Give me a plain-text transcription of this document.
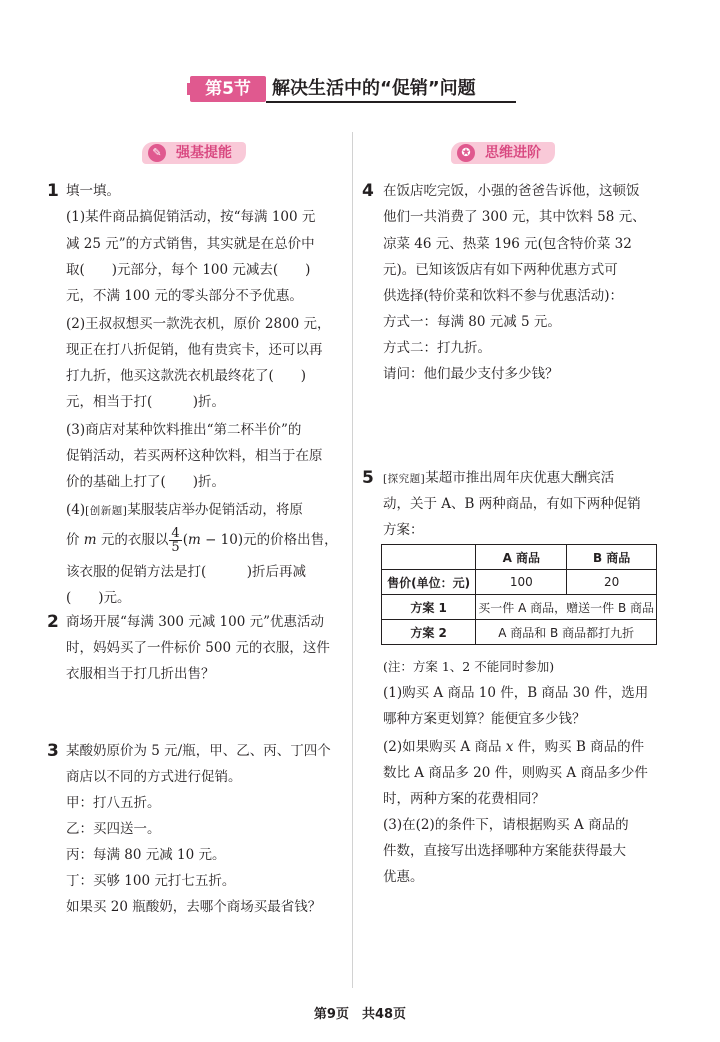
第5节	解决生活中的“促销”问题
✎	强基提能	✪	思维进阶
1 填一填。
(1)某件商品搞促销活动，按“每满 100 元
减 25 元”的方式销售，其实就是在总价中
取(　　)元部分，每个 100 元减去(　　)
元，不满 100 元的零头部分不予优惠。
(2)王叔叔想买一款洗衣机，原价 2800 元，
现正在打八折促销，他有贵宾卡，还可以再
打九折，他买这款洗衣机最终花了(　　)
元，相当于打(　　　)折。
(3)商店对某种饮料推出“第二杯半价”的
促销活动，若买两杯这种饮料，相当于在原
价的基础上打了(　　)折。
(4)[创新题]某服装店举办促销活动，将原
价 m 元的衣服以 $\frac{4}{5} (m - 10)$元的价格出售，
该衣服的促销方法是打(　　　)折后再减
(　　)元。
2 商场开展“每满 300 元减 100 元”优惠活动
时，妈妈买了一件标价 500 元的衣服，这件
衣服相当于打几折出售？
3 某酸奶原价为 5 元/瓶，甲、乙、丙、丁四个
商店以不同的方式进行促销。
甲：打八五折。
乙：买四送一。
丙：每满 80 元减 10 元。
丁：买够 100 元打七五折。
如果买 20 瓶酸奶，去哪个商场买最省钱？
4 在饭店吃完饭，小强的爸爸告诉他，这顿饭
他们一共消费了 300 元，其中饮料 58 元、
凉菜 46 元、热菜 196 元(包含特价菜 32
元)。已知该饭店有如下两种优惠方式可
供选择(特价菜和饮料不参与优惠活动)：
方式一：每满 80 元减 5 元。
方式二：打九折。
请问：他们最少支付多少钱？
5 [探究题]某超市推出周年庆优惠大酬宾活
动，关于 A、B 两种商品，有如下两种促销
方案：
	A 商品	B 商品
售价(单位：元)	100	20
方案 1	买一件 A 商品，赠送一件 B 商品	
方案 2	A 商品和 B 商品都打九折	
(注：方案 1、2 不能同时参加)
(1)购买 A 商品 10 件，B 商品 30 件，选用
哪种方案更划算？能便宜多少钱？
(2)如果购买 A 商品 x 件，购买 B 商品的件
数比 A 商品多 20 件，则购买 A 商品多少件
时，两种方案的花费相同？
(3)在(2)的条件下，请根据购买 A 商品的
件数，直接写出选择哪种方案能获得最大
优惠。
第9页　共48页
